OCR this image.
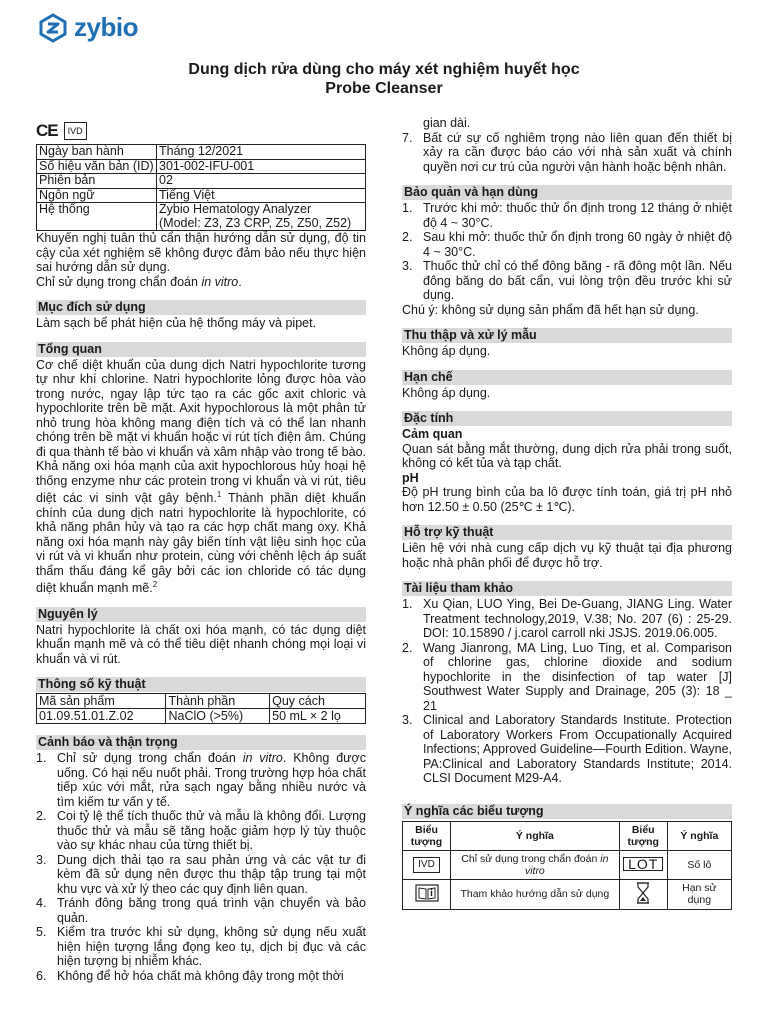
zybio
Dung dịch rửa dùng cho máy xét nghiệm huyết học
Probe Cleanser
CE	IVD
Ngày ban hành	Tháng 12/2021
Số hiệu văn bản (ID)	301-002-IFU-001
Phiên bản	02
Ngôn ngữ	Tiếng Việt
Hệ thống	Zybio Hematology Analyzer
(Model: Z3, Z3 CRP, Z5, Z50, Z52)

Khuyến nghị tuân thủ cẩn thận hướng dẫn sử dụng, độ tin cậy của xét nghiệm sẽ không được đảm bảo nếu thực hiện sai hướng dẫn sử dụng.

Chỉ sử dụng trong chẩn đoán in vitro.

Mục đích sử dụng

Làm sạch bể phát hiện của hệ thống máy và pipet.

Tổng quan

Cơ chế diệt khuẩn của dung dịch Natri hypochlorite tương tự như khí chlorine. Natri hypochlorite lỏng được hòa vào trong nước, ngay lập tức tạo ra các gốc axit chloric và hypochlorite trên bề mặt. Axit hypochlorous là một phân tử nhỏ trung hòa không mang điện tích và có thể lan nhanh chóng trên bề mặt vi khuẩn hoặc vi rút tích điện âm. Chúng đi qua thành tế bào vi khuẩn và xâm nhập vào trong tế bào. Khả năng oxi hóa mạnh của axit hypochlorous hủy hoại hệ thống enzyme như các protein trong vi khuẩn và vi rút, tiêu diệt các vi sinh vật gây bệnh.$^1$ Thành phần diệt khuẩn chính của dung dịch natri hypochlorite là hypochlorite, có khả năng phân hủy và tạo ra các hợp chất mang oxy. Khả năng oxi hóa mạnh này gây biến tính vật liệu sinh học của vi rút và vi khuẩn như protein, cùng với chênh lệch áp suất thẩm thấu đáng kể gây bởi các ion chloride có tác dụng diệt khuẩn mạnh mẽ.$^2$

Nguyên lý

Natri hypochlorite là chất oxi hóa mạnh, có tác dụng diệt khuẩn mạnh mẽ và có thể tiêu diệt nhanh chóng mọi loại vi khuẩn và vi rút.

Thông số kỹ thuật
Mã sản phẩm	Thành phần	Quy cách
01.09.51.01.Z.02	NaClO (>5%)	50 mL × 2 lọ
Cảnh báo và thận trọng
1. Chỉ sử dụng trong chẩn đoán in vitro. Không được uống. Có hại nếu nuốt phải. Trong trường hợp hóa chất tiếp xúc với mắt, rửa sạch ngay bằng nhiều nước và tìm kiếm tư vấn y tế.
2. Coi tỷ lệ thể tích thuốc thử và mẫu là không đổi. Lượng thuốc thử và mẫu sẽ tăng hoặc giảm hợp lý tùy thuộc vào sự khác nhau của từng thiết bị.
3. Dung dịch thải tạo ra sau phản ứng và các vật tư đi kèm đã sử dụng nên được thu thập tập trung tại một khu vực và xử lý theo các quy định liên quan.
4. Tránh đông băng trong quá trình vận chuyển và bảo quản.
5. Kiểm tra trước khi sử dụng, không sử dụng nếu xuất hiện hiện tượng lắng đọng keo tụ, dịch bị đục và các hiện tượng bị nhiễm khác.
6. Không để hở hóa chất mà không đậy trong một thời

gian dài.

7. Bất cứ sự cố nghiêm trọng nào liên quan đến thiết bị xảy ra cần được báo cáo với nhà sản xuất và chính quyền nơi cư trú của người vận hành hoặc bệnh nhân.
Bảo quản và hạn dùng
1. Trước khi mở: thuốc thử ổn định trong 12 tháng ở nhiệt độ 4 ~ 30°C.
2. Sau khi mở: thuốc thử ổn định trong 60 ngày ở nhiệt độ 4 ~ 30°C.
3. Thuốc thử chỉ có thể đông băng - rã đông một lần. Nếu đông băng do bất cẩn, vui lòng trộn đều trước khi sử dụng.

Chú ý: không sử dụng sản phẩm đã hết hạn sử dụng.

Thu thập và xử lý mẫu

Không áp dụng.

Hạn chế

Không áp dụng.

Đặc tính
Cảm quan

Quan sát bằng mắt thường, dung dịch rửa phải trong suốt, không có kết tủa và tạp chất.

pH

Độ pH trung bình của ba lô được tính toán, giá trị pH nhỏ hơn 12.50 ± 0.50 (25℃ ± 1℃).

Hỗ trợ kỹ thuật

Liên hệ với nhà cung cấp dịch vụ kỹ thuật tại địa phương hoặc nhà phân phối để được hỗ trợ.

Tài liệu tham khảo
1. Xu Qian, LUO Ying, Bei De-Guang, JIANG Ling. Water Treatment technology,2019, V.38; No. 207 (6) : 25-29. DOI: 10.15890 / j.carol carroll nki JSJS. 2019.06.005.
2. Wang Jianrong, MA Ling, Luo Ting, et al. Comparison of chlorine gas, chlorine dioxide and sodium hypochlorite in the disinfection of tap water [J] Southwest Water Supply and Drainage, 205 (3): 18 _ 21
3. Clinical and Laboratory Standards Institute. Protection of Laboratory Workers From Occupationally Acquired Infections; Approved Guideline—Fourth Edition. Wayne, PA:Clinical and Laboratory Standards Institute; 2014. CLSI Document M29-A4.
Ý nghĩa các biểu tượng
Biểu tượng	Ý nghĩa	Biểu tượng	Ý nghĩa
IVD	Chỉ sử dụng trong chẩn đoán in vitro	LOT	Số lô
	Tham khảo hướng dẫn sử dụng		Hạn sử dụng
